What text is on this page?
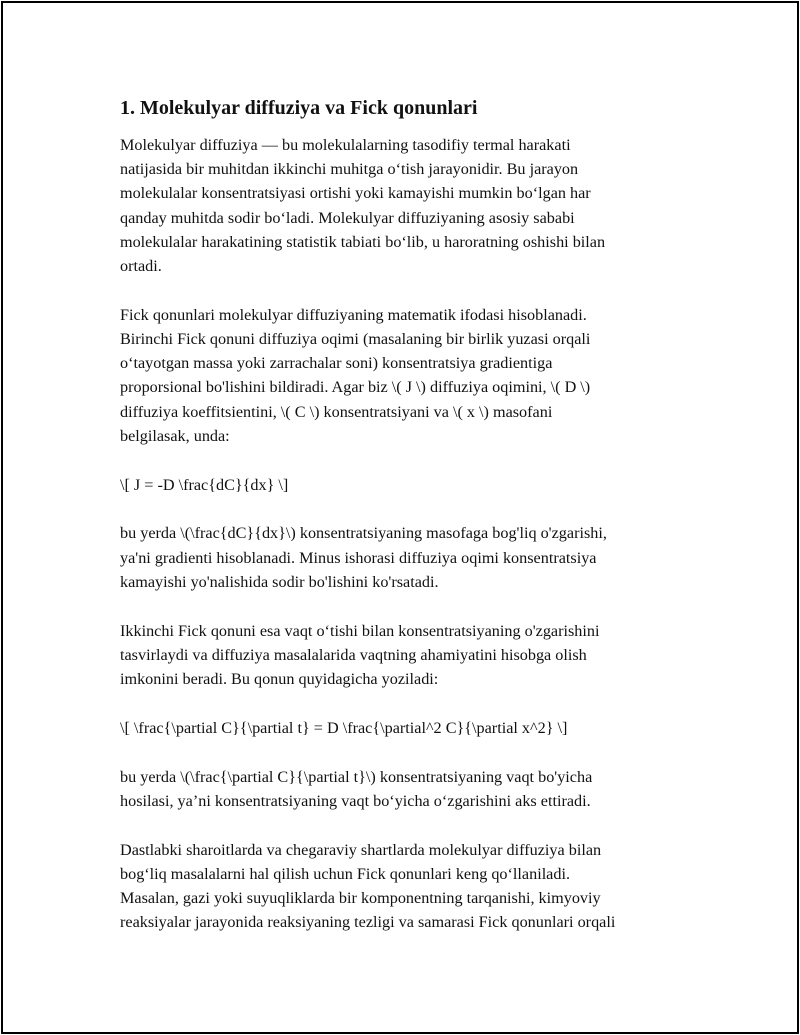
1. Molekulyar diffuziya va Fick qonunlari
Molekulyar diffuziya — bu molekulalarning tasodifiy termal harakati
natijasida bir muhitdan ikkinchi muhitga o‘tish jarayonidir. Bu jarayon
molekulalar konsentratsiyasi ortishi yoki kamayishi mumkin bo‘lgan har
qanday muhitda sodir bo‘ladi. Molekulyar diffuziyaning asosiy sababi
molekulalar harakatining statistik tabiati bo‘lib, u haroratning oshishi bilan
ortadi.
Fick qonunlari molekulyar diffuziyaning matematik ifodasi hisoblanadi.
Birinchi Fick qonuni diffuziya oqimi (masalaning bir birlik yuzasi orqali
o‘tayotgan massa yoki zarrachalar soni) konsentratsiya gradientiga
proporsional bo'lishini bildiradi. Agar biz \( J \) diffuziya oqimini, \( D \)
diffuziya koeffitsientini, \( C \) konsentratsiyani va \( x \) masofani
belgilasak, unda:
\[ J = -D \frac{dC}{dx} \]
bu yerda \(\frac{dC}{dx}\) konsentratsiyaning masofaga bog'liq o'zgarishi,
ya'ni gradienti hisoblanadi. Minus ishorasi diffuziya oqimi konsentratsiya
kamayishi yo'nalishida sodir bo'lishini ko'rsatadi.
Ikkinchi Fick qonuni esa vaqt o‘tishi bilan konsentratsiyaning o'zgarishini
tasvirlaydi va diffuziya masalalarida vaqtning ahamiyatini hisobga olish
imkonini beradi. Bu qonun quyidagicha yoziladi:
\[ \frac{\partial C}{\partial t} = D \frac{\partial^2 C}{\partial x^2} \]
bu yerda \(\frac{\partial C}{\partial t}\) konsentratsiyaning vaqt bo'yicha
hosilasi, ya’ni konsentratsiyaning vaqt bo‘yicha o‘zgarishini aks ettiradi.
Dastlabki sharoitlarda va chegaraviy shartlarda molekulyar diffuziya bilan
bog‘liq masalalarni hal qilish uchun Fick qonunlari keng qo‘llaniladi.
Masalan, gazi yoki suyuqliklarda bir komponentning tarqanishi, kimyoviy
reaksiyalar jarayonida reaksiyaning tezligi va samarasi Fick qonunlari orqali
